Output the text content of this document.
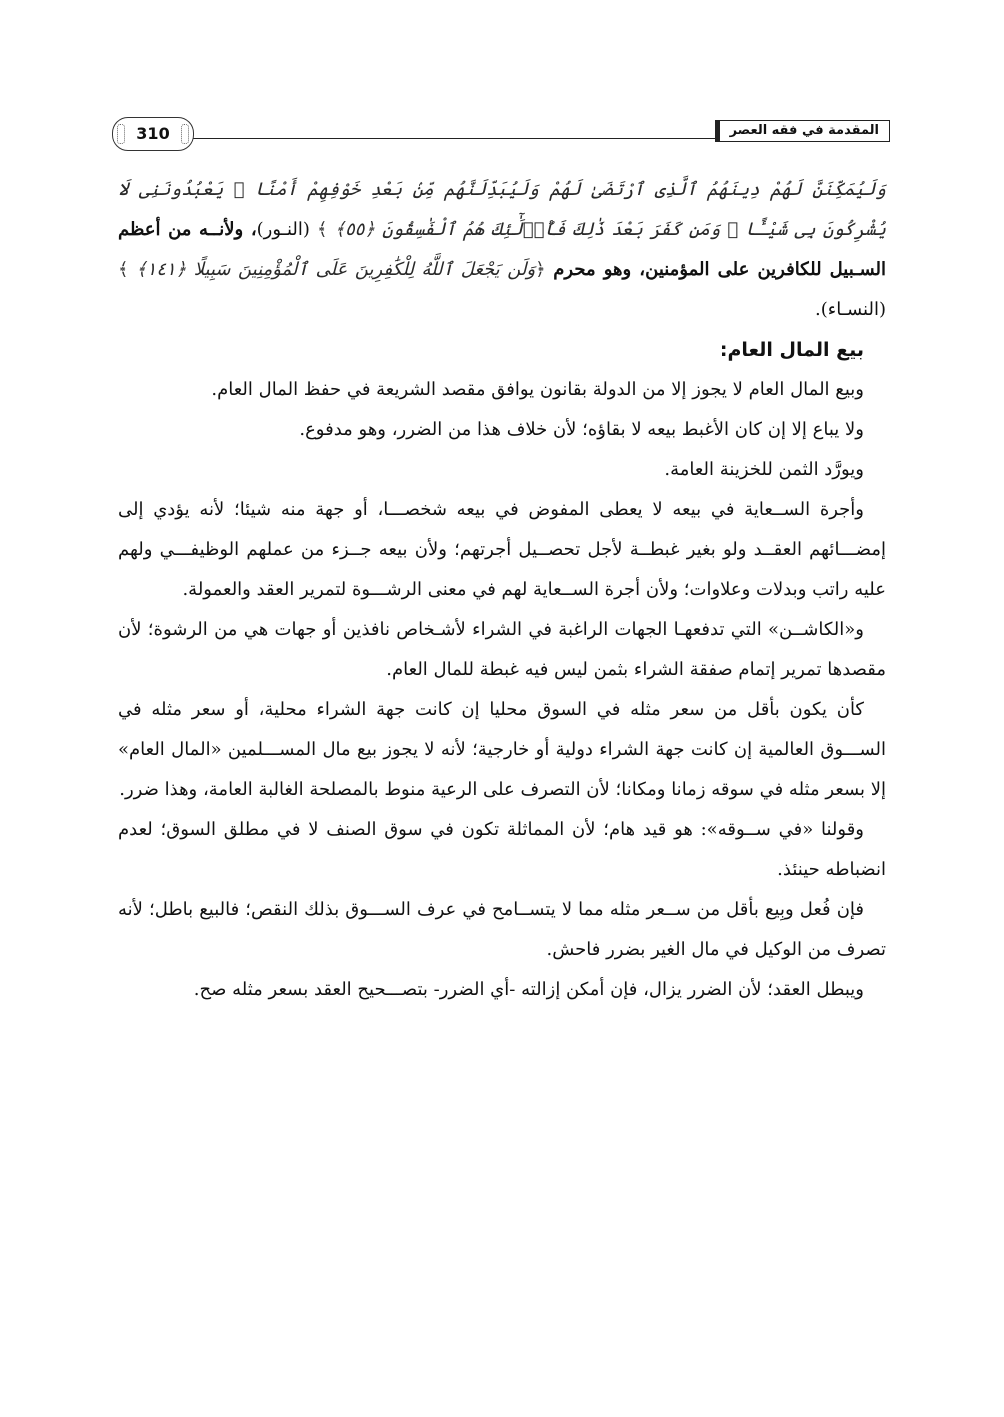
المقدمة في فقه العصر
310

وَلَيُمَكِّنَنَّ لَهُمْ دِينَهُمُ ٱلَّذِى ٱرْتَضَىٰ لَهُمْ وَلَيُبَدِّلَنَّهُم مِّنۢ بَعْدِ خَوْفِهِمْ أَمْنًا ۚ يَعْبُدُونَنِى لَا يُشْرِكُونَ بِى شَيْـًٔا ۚ وَمَن كَفَرَ بَعْدَ ذَٰلِكَ فَأُو۟لَٰٓئِكَ هُمُ ٱلْفَٰسِقُونَ ﴿٥٥﴾ ﴾ (النـور)، ولأنــه من أعظم السـبيل للكافرين على المؤمنين، وهو محرم ﴿وَلَن يَجْعَلَ ٱللَّهُ لِلْكَٰفِرِينَ عَلَى ٱلْمُؤْمِنِينَ سَبِيلًا ﴿١٤١﴾ ﴾ (النسـاء).

بيع المال العام:

وبيع المال العام لا يجوز إلا من الدولة بقانون يوافق مقصد الشريعة في حفظ المال العام.

ولا يباع إلا إن كان الأغبط بيعه لا بقاؤه؛ لأن خلاف هذا من الضرر، وهو مدفوع.

ويورَّد الثمن للخزينة العامة.

وأجرة الســعاية في بيعه لا يعطى المفوض في بيعه شخصـــا، أو جهة منه شيئا؛ لأنه يؤدي إلى إمضـــائهم العقــد ولو بغير غبطــة لأجل تحصــيل أجرتهم؛ ولأن بيعه جــزء من عملهم الوظيفـــي ولهم عليه راتب وبدلات وعلاوات؛ ولأن أجرة الســعاية لهم في معنى الرشـــوة لتمرير العقد والعمولة.

و«الكاشــن» التي تدفعهـا الجهات الراغبة في الشراء لأشـخاص نافذين أو جهات هي من الرشوة؛ لأن مقصدها تمرير إتمام صفقة الشراء بثمن ليس فيه غبطة للمال العام.

كأن يكون بأقل من سعر مثله في السوق محليا إن كانت جهة الشراء محلية، أو سعر مثله في الســـوق العالمية إن كانت جهة الشراء دولية أو خارجية؛ لأنه لا يجوز بيع مال المســـلمين «المال العام» إلا بسعر مثله في سوقه زمانا ومكانا؛ لأن التصرف على الرعية منوط بالمصلحة الغالبة العامة، وهذا ضرر.

وقولنا «في ســوقه»: هو قيد هام؛ لأن المماثلة تكون في سوق الصنف لا في مطلق السوق؛ لعدم انضباطه حينئذ.

فإن فُعل وبِيع بأقل من ســعر مثله مما لا يتســامح في عرف الســـوق بذلك النقص؛ فالبيع باطل؛ لأنه تصرف من الوكيل في مال الغير بضرر فاحش.

ويبطل العقد؛ لأن الضرر يزال، فإن أمكن إزالته -أي الضرر- بتصـــحيح العقد بسعر مثله صح.
